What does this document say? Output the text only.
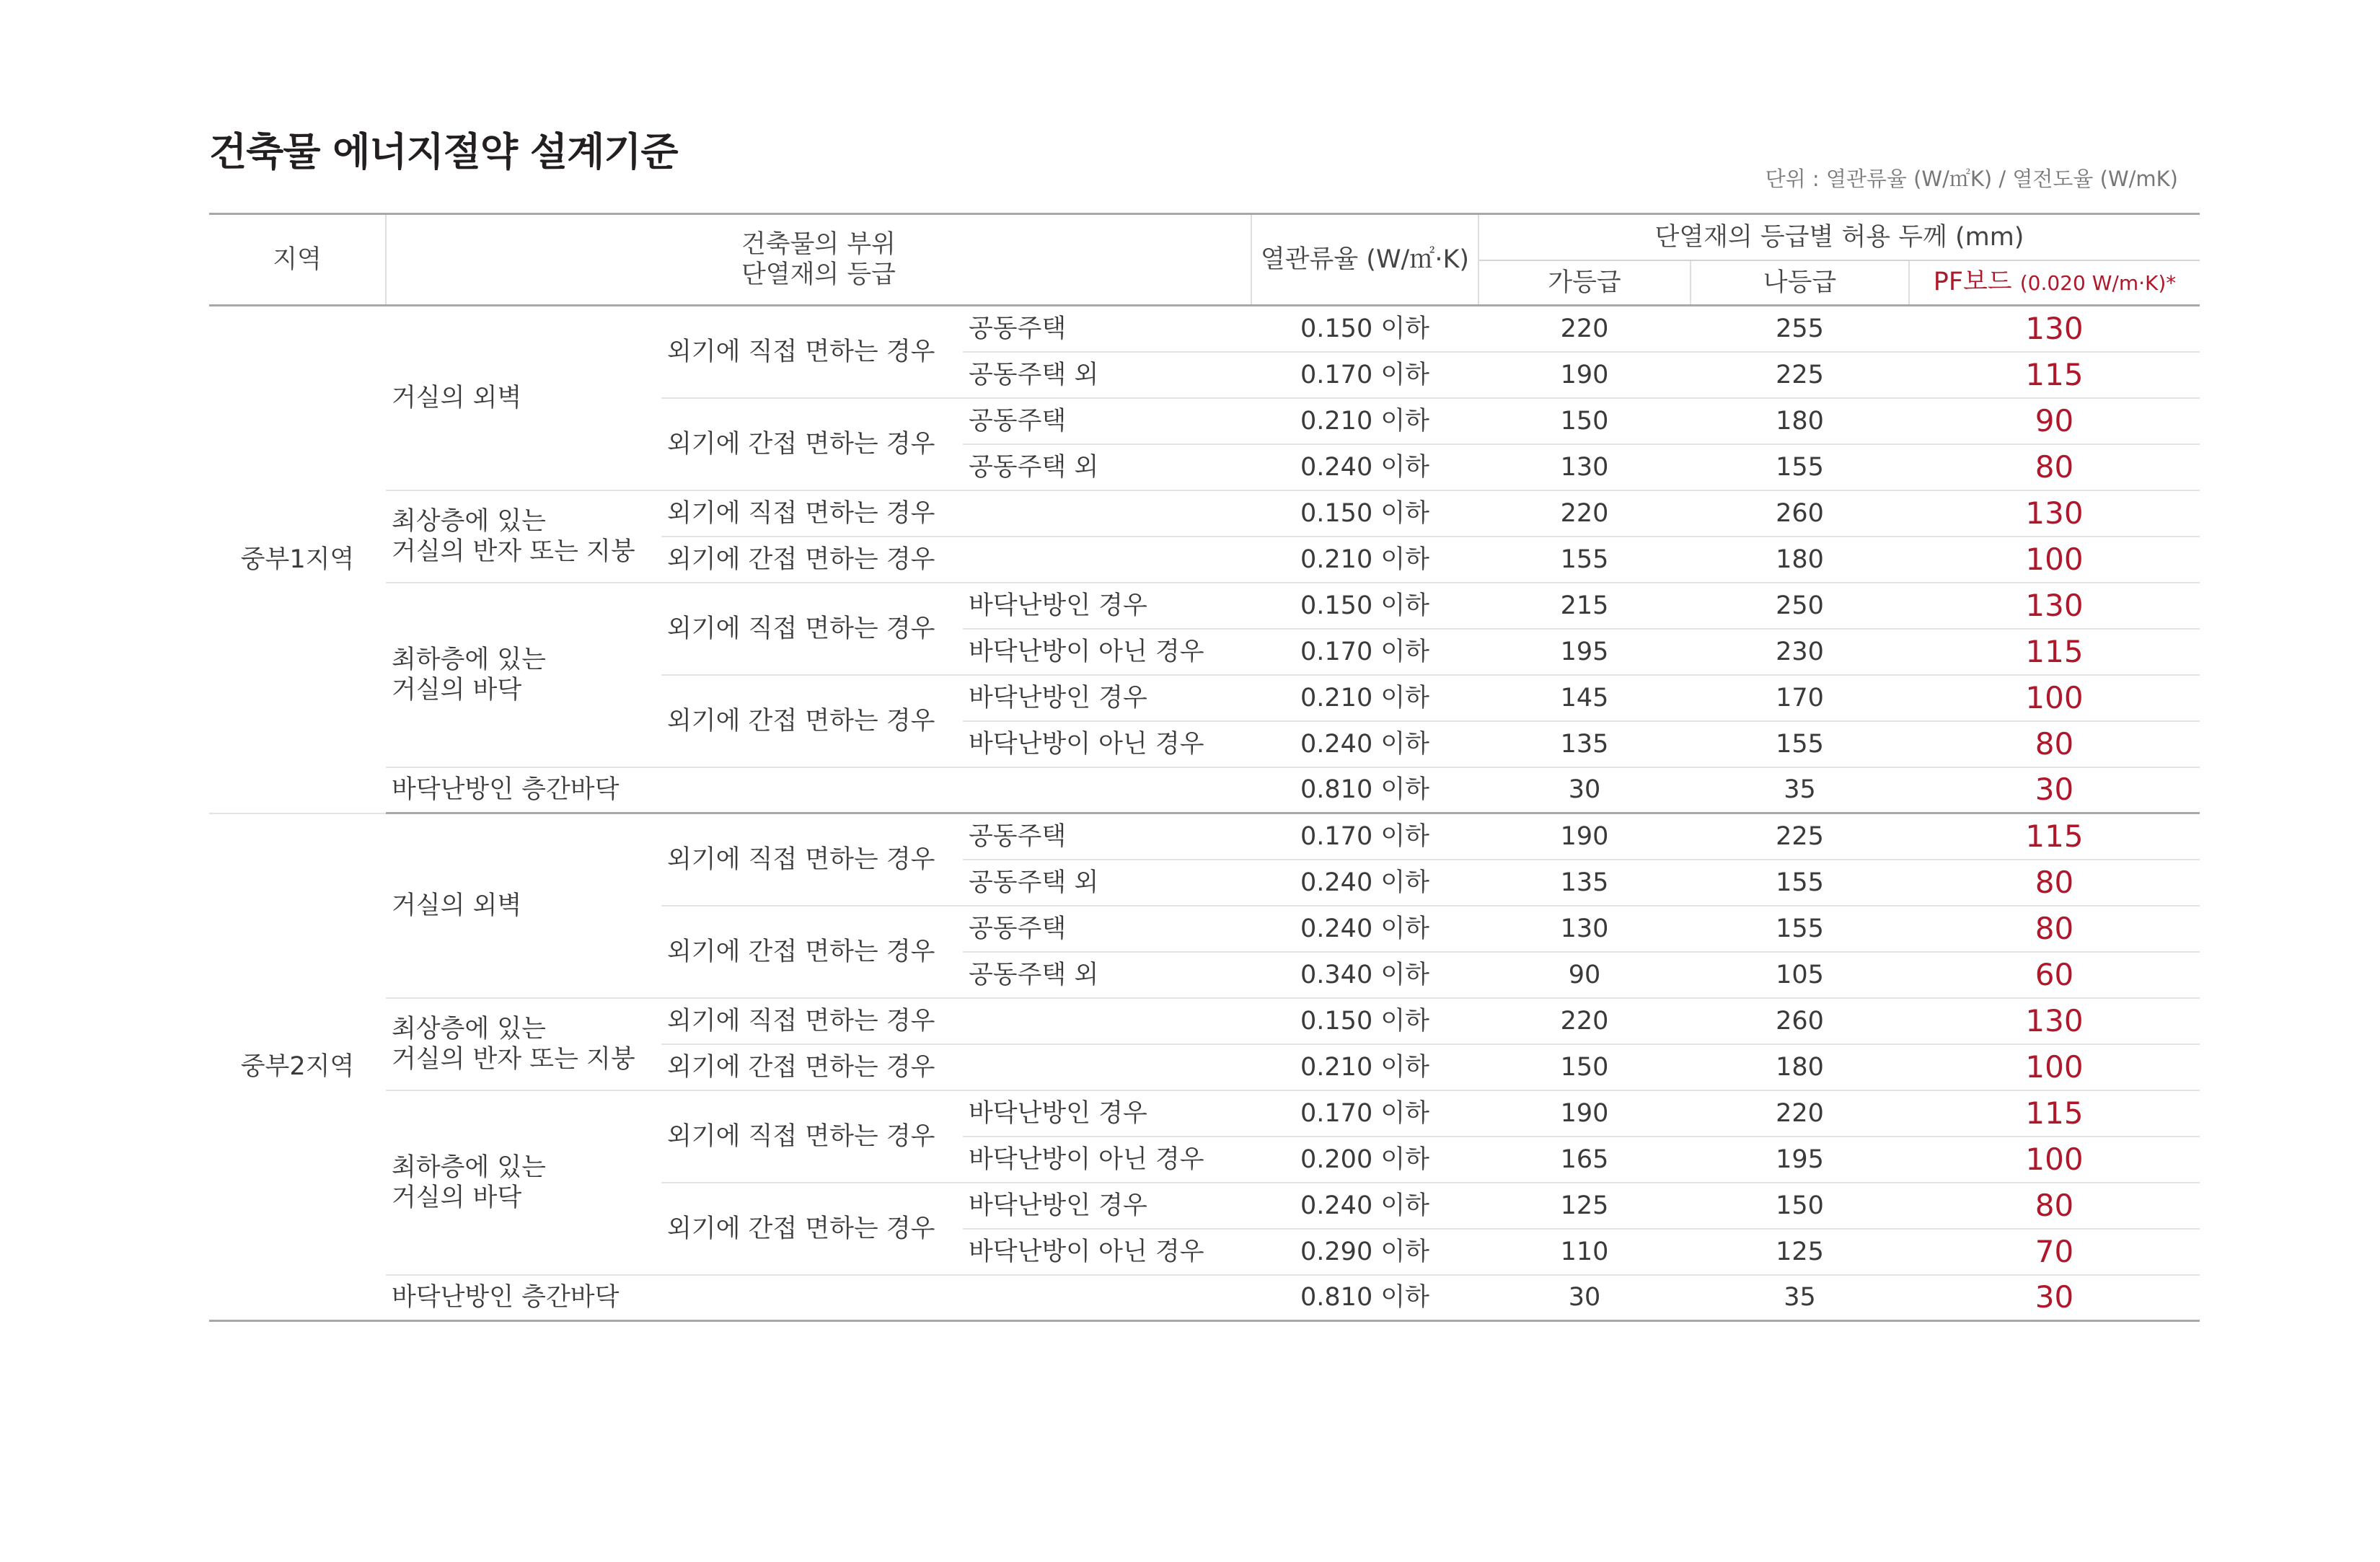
건축물 에너지절약 설계기준
단위 : 열관류율 (W/㎡K) / 열전도율 (W/mK)
지역	건축물의 부위
단열재의 등급			열관류율 (W/㎡·K)	단열재의 등급별 허용 두께 (mm)		
					가등급	나등급	PF보드 (0.020 W/m·K)*
중부1지역	거실의 외벽	외기에 직접 면하는 경우	공동주택	0.150 이하	220	255	130
			공동주택 외	0.170 이하	190	225	115
		외기에 간접 면하는 경우	공동주택	0.210 이하	150	180	90
			공동주택 외	0.240 이하	130	155	80

	최상층에 있는
거실의 반자 또는 지붕	외기에 직접 면하는 경우		0.150 이하	220	260	130
		외기에 간접 면하는 경우		0.210 이하	155	180	100

	최하층에 있는
거실의 바닥	외기에 직접 면하는 경우	바닥난방인 경우	0.150 이하	215	250	130
			바닥난방이 아닌 경우	0.170 이하	195	230	115
		외기에 간접 면하는 경우	바닥난방인 경우	0.210 이하	145	170	100
			바닥난방이 아닌 경우	0.240 이하	135	155	80
	바닥난방인 층간바닥			0.810 이하	30	35	30
중부2지역	거실의 외벽	외기에 직접 면하는 경우	공동주택	0.170 이하	190	225	115
			공동주택 외	0.240 이하	135	155	80
		외기에 간접 면하는 경우	공동주택	0.240 이하	130	155	80
			공동주택 외	0.340 이하	90	105	60

	최상층에 있는
거실의 반자 또는 지붕	외기에 직접 면하는 경우		0.150 이하	220	260	130
		외기에 간접 면하는 경우		0.210 이하	150	180	100

	최하층에 있는
거실의 바닥	외기에 직접 면하는 경우	바닥난방인 경우	0.170 이하	190	220	115
			바닥난방이 아닌 경우	0.200 이하	165	195	100
		외기에 간접 면하는 경우	바닥난방인 경우	0.240 이하	125	150	80
			바닥난방이 아닌 경우	0.290 이하	110	125	70
	바닥난방인 층간바닥			0.810 이하	30	35	30
